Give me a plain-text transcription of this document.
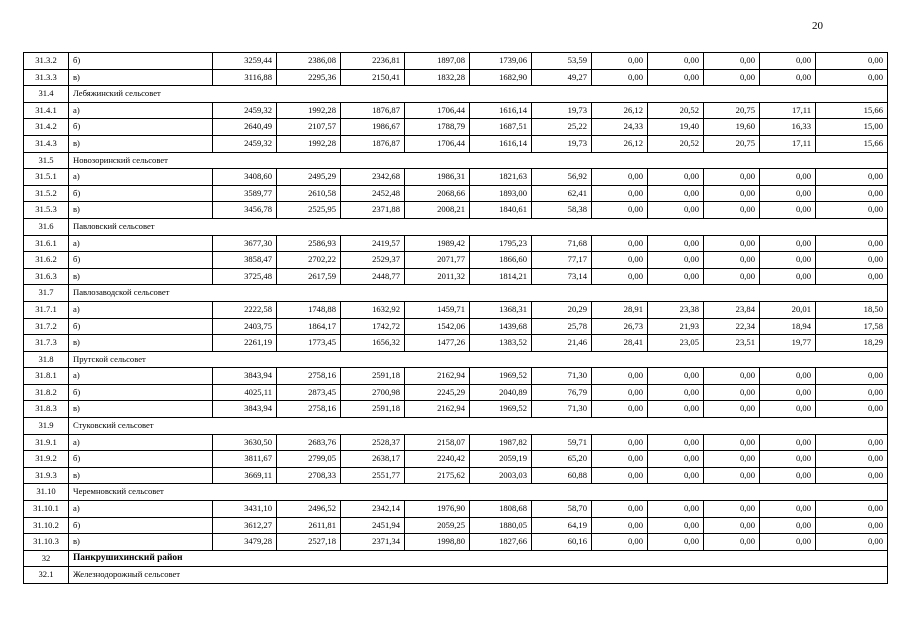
20
31.3.2	б)	3259,44	2386,08	2236,81	1897,08	1739,06	53,59	0,00	0,00	0,00	0,00	0,00
31.3.3	в)	3116,88	2295,36	2150,41	1832,28	1682,90	49,27	0,00	0,00	0,00	0,00	0,00
31.4	Лебяжинский сельсовет											
31.4.1	а)	2459,32	1992,28	1876,87	1706,44	1616,14	19,73	26,12	20,52	20,75	17,11	15,66
31.4.2	б)	2640,49	2107,57	1986,67	1788,79	1687,51	25,22	24,33	19,40	19,60	16,33	15,00
31.4.3	в)	2459,32	1992,28	1876,87	1706,44	1616,14	19,73	26,12	20,52	20,75	17,11	15,66
31.5	Новозоринский сельсовет											
31.5.1	а)	3408,60	2495,29	2342,68	1986,31	1821,63	56,92	0,00	0,00	0,00	0,00	0,00
31.5.2	б)	3589,77	2610,58	2452,48	2068,66	1893,00	62,41	0,00	0,00	0,00	0,00	0,00
31.5.3	в)	3456,78	2525,95	2371,88	2008,21	1840,61	58,38	0,00	0,00	0,00	0,00	0,00
31.6	Павловский сельсовет											
31.6.1	а)	3677,30	2586,93	2419,57	1989,42	1795,23	71,68	0,00	0,00	0,00	0,00	0,00
31.6.2	б)	3858,47	2702,22	2529,37	2071,77	1866,60	77,17	0,00	0,00	0,00	0,00	0,00
31.6.3	в)	3725,48	2617,59	2448,77	2011,32	1814,21	73,14	0,00	0,00	0,00	0,00	0,00
31.7	Павлозаводской сельсовет											
31.7.1	а)	2222,58	1748,88	1632,92	1459,71	1368,31	20,29	28,91	23,38	23,84	20,01	18,50
31.7.2	б)	2403,75	1864,17	1742,72	1542,06	1439,68	25,78	26,73	21,93	22,34	18,94	17,58
31.7.3	в)	2261,19	1773,45	1656,32	1477,26	1383,52	21,46	28,41	23,05	23,51	19,77	18,29
31.8	Прутской сельсовет											
31.8.1	а)	3843,94	2758,16	2591,18	2162,94	1969,52	71,30	0,00	0,00	0,00	0,00	0,00
31.8.2	б)	4025,11	2873,45	2700,98	2245,29	2040,89	76,79	0,00	0,00	0,00	0,00	0,00
31.8.3	в)	3843,94	2758,16	2591,18	2162,94	1969,52	71,30	0,00	0,00	0,00	0,00	0,00
31.9	Стуковский сельсовет											
31.9.1	а)	3630,50	2683,76	2528,37	2158,07	1987,82	59,71	0,00	0,00	0,00	0,00	0,00
31.9.2	б)	3811,67	2799,05	2638,17	2240,42	2059,19	65,20	0,00	0,00	0,00	0,00	0,00
31.9.3	в)	3669,11	2708,33	2551,77	2175,62	2003,03	60,88	0,00	0,00	0,00	0,00	0,00
31.10	Черемновский сельсовет											
31.10.1	а)	3431,10	2496,52	2342,14	1976,90	1808,68	58,70	0,00	0,00	0,00	0,00	0,00
31.10.2	б)	3612,27	2611,81	2451,94	2059,25	1880,05	64,19	0,00	0,00	0,00	0,00	0,00
31.10.3	в)	3479,28	2527,18	2371,34	1998,80	1827,66	60,16	0,00	0,00	0,00	0,00	0,00
32	Панкрушихинский район											
32.1	Железнодорожный сельсовет											
